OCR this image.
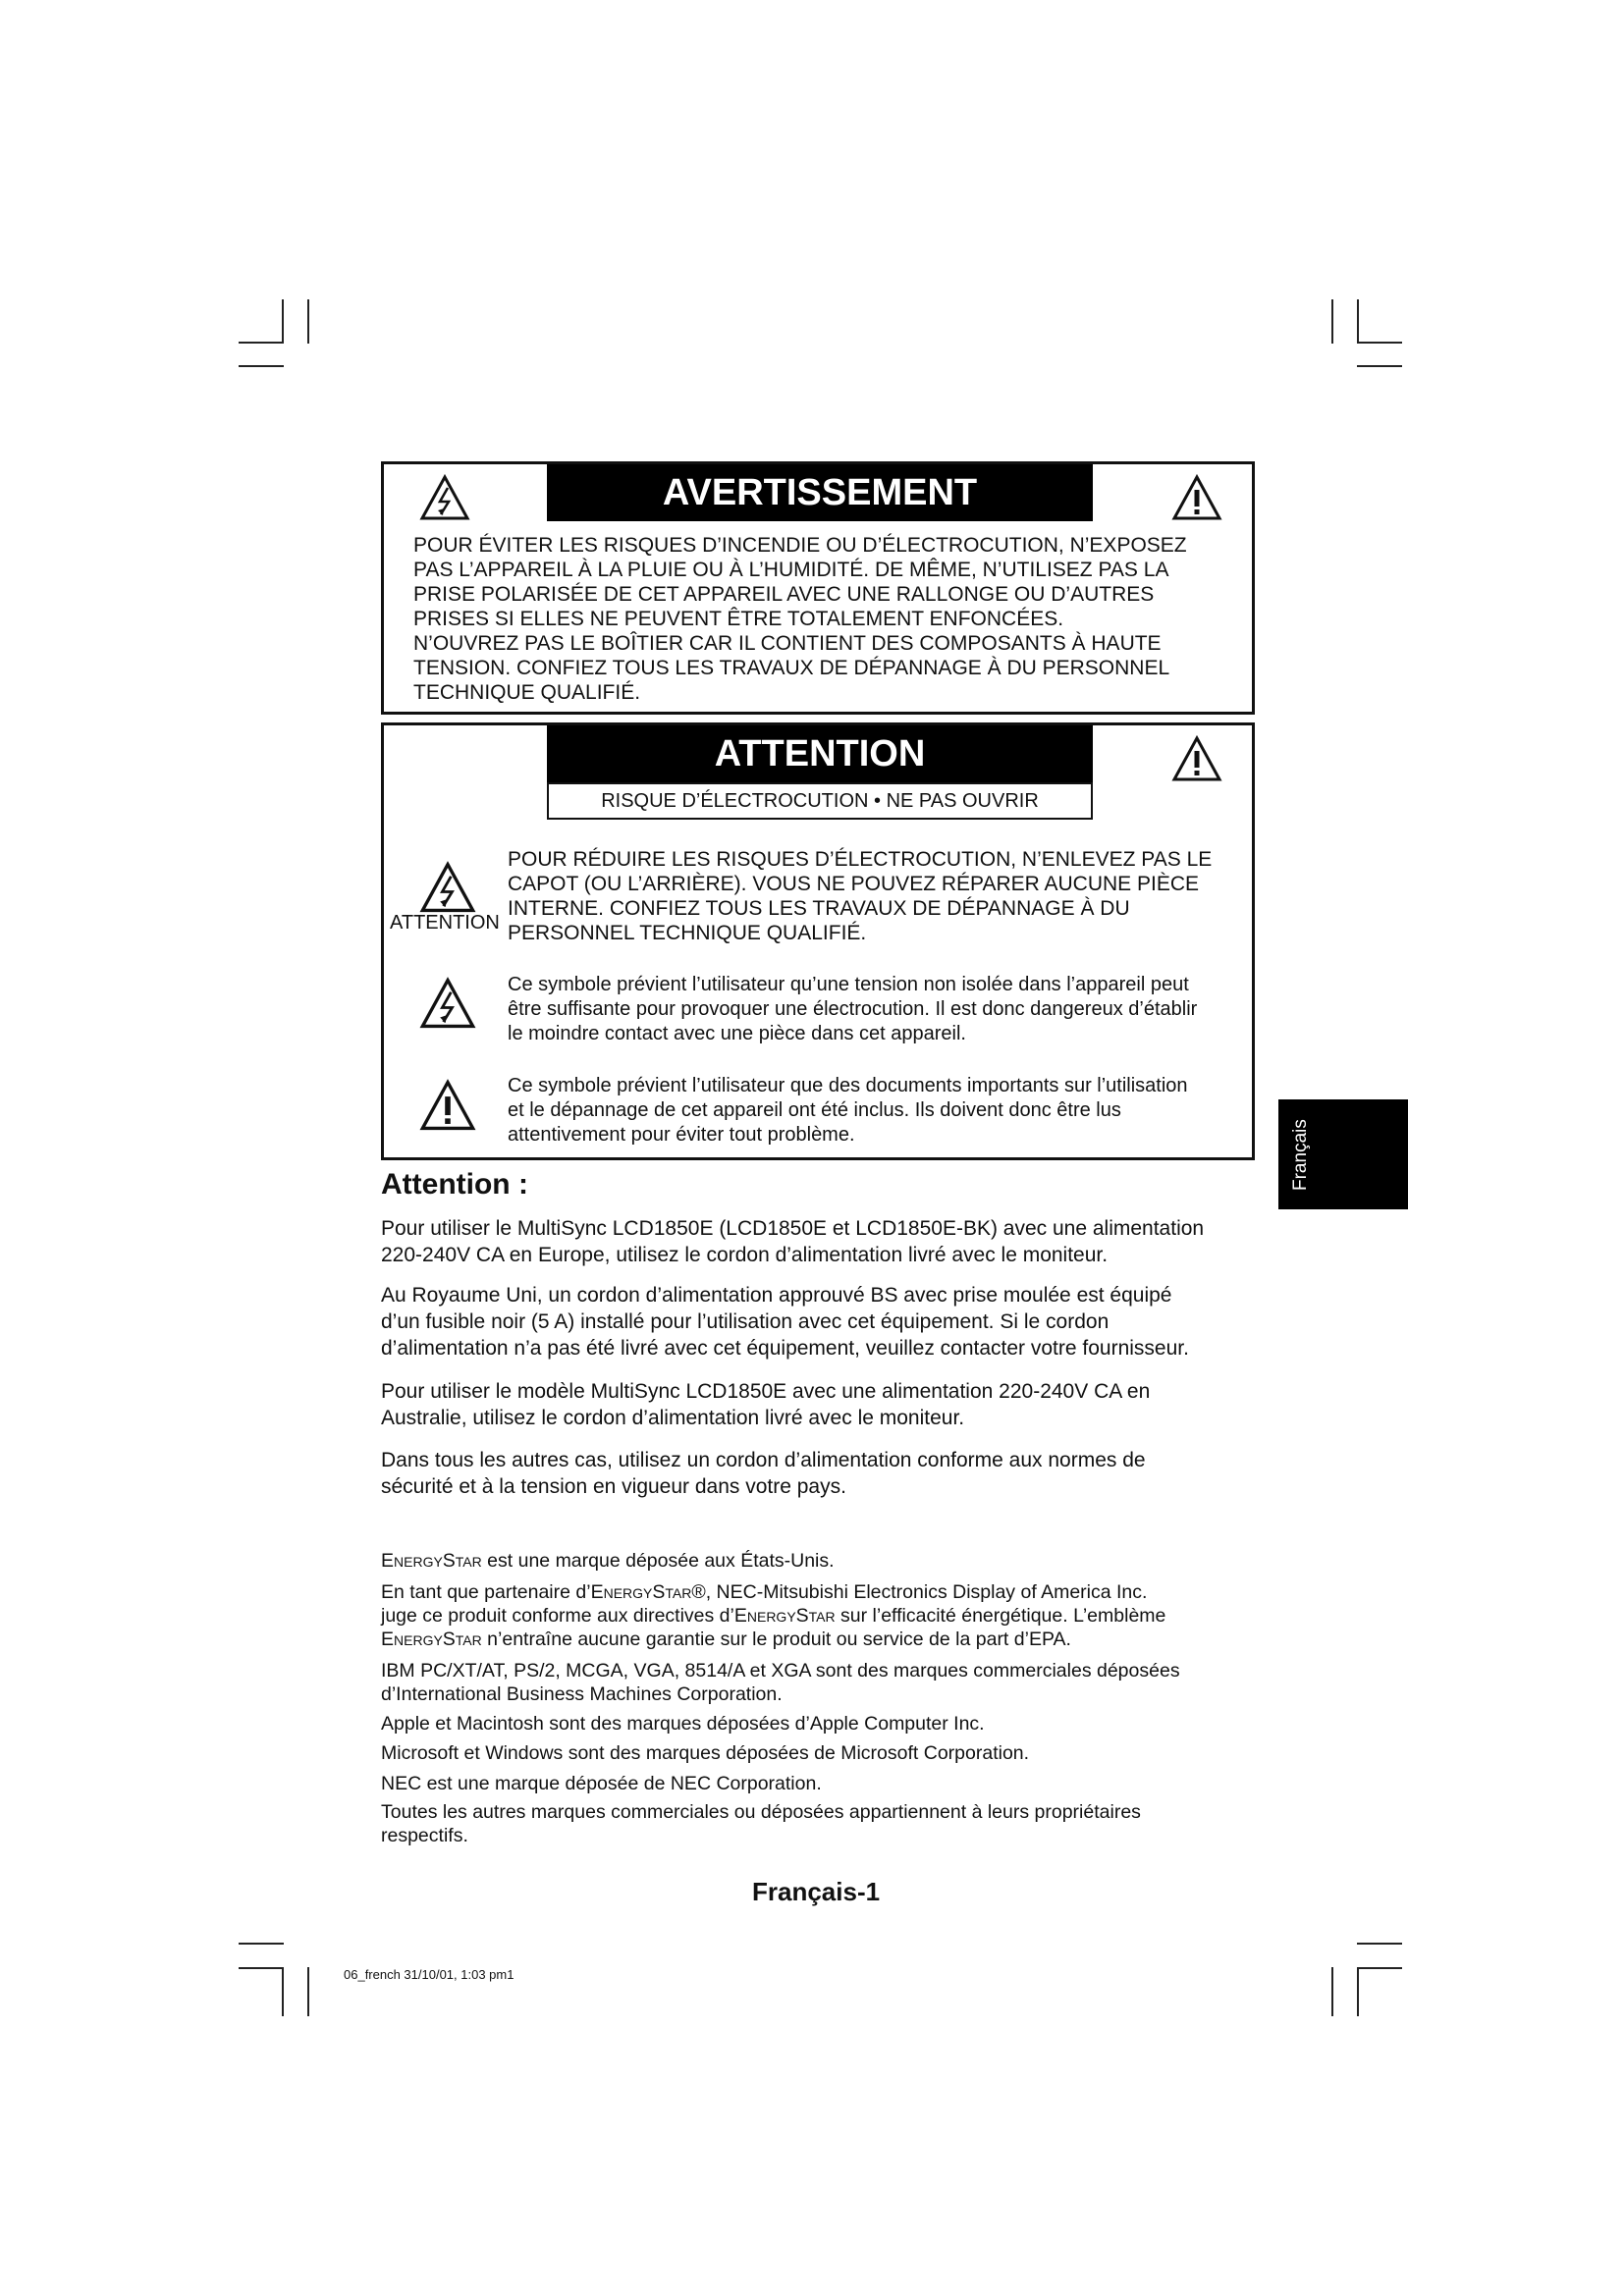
AVERTISSEMENT
POUR ÉVITER LES RISQUES D’INCENDIE OU D’ÉLECTROCUTION, N’EXPOSEZ
PAS L’APPAREIL À LA PLUIE OU À L’HUMIDITÉ. DE MÊME, N’UTILISEZ PAS LA
PRISE POLARISÉE DE CET APPAREIL AVEC UNE RALLONGE OU D’AUTRES
PRISES SI ELLES NE PEUVENT ÊTRE TOTALEMENT ENFONCÉES.
N’OUVREZ PAS LE BOÎTIER CAR IL CONTIENT DES COMPOSANTS À HAUTE
TENSION. CONFIEZ TOUS LES TRAVAUX DE DÉPANNAGE À DU PERSONNEL
TECHNIQUE QUALIFIÉ.
ATTENTION
RISQUE D’ÉLECTROCUTION • NE PAS OUVRIR
ATTENTION
POUR RÉDUIRE LES RISQUES D’ÉLECTROCUTION, N’ENLEVEZ PAS LE
CAPOT (OU L’ARRIÈRE). VOUS NE POUVEZ RÉPARER AUCUNE PIÈCE
INTERNE. CONFIEZ TOUS LES TRAVAUX DE DÉPANNAGE À DU
PERSONNEL TECHNIQUE QUALIFIÉ.
Ce symbole prévient l’utilisateur qu’une tension non isolée dans l’appareil peut
être suffisante pour provoquer une électrocution. Il est donc dangereux d’établir
le moindre contact avec une pièce dans cet appareil.
Ce symbole prévient l’utilisateur que des documents importants sur l’utilisation
et le dépannage de cet appareil ont été inclus. Ils doivent donc être lus
attentivement pour éviter tout problème.	Français
Attention :
Pour utiliser le MultiSync LCD1850E (LCD1850E et LCD1850E-BK) avec une alimentation
220-240V CA en Europe, utilisez le cordon d’alimentation livré avec le moniteur.
Au Royaume Uni, un cordon d’alimentation approuvé BS avec prise moulée est équipé
d’un fusible noir (5 A) installé pour l’utilisation avec cet équipement. Si le cordon
d’alimentation n’a pas été livré avec cet équipement, veuillez contacter votre fournisseur.
Pour utiliser le modèle MultiSync LCD1850E avec une alimentation 220-240V CA en
Australie, utilisez le cordon d’alimentation livré avec le moniteur.
Dans tous les autres cas, utilisez un cordon d’alimentation conforme aux normes de
sécurité et à la tension en vigueur dans votre pays.
EnergyStar est une marque déposée aux États-Unis.
En tant que partenaire d’EnergyStar®, NEC-Mitsubishi Electronics Display of America Inc.
juge ce produit conforme aux directives d’EnergyStar sur l’efficacité énergétique. L’emblème
EnergyStar n’entraîne aucune garantie sur le produit ou service de la part d’EPA.
IBM PC/XT/AT, PS/2, MCGA, VGA, 8514/A et XGA sont des marques commerciales déposées
d’International Business Machines Corporation.
Apple et Macintosh sont des marques déposées d’Apple Computer Inc.
Microsoft et Windows sont des marques déposées de Microsoft Corporation.
NEC est une marque déposée de NEC Corporation.
Toutes les autres marques commerciales ou déposées appartiennent à leurs propriétaires
respectifs.
Français-1
06_french 31/10/01, 1:03 pm1
